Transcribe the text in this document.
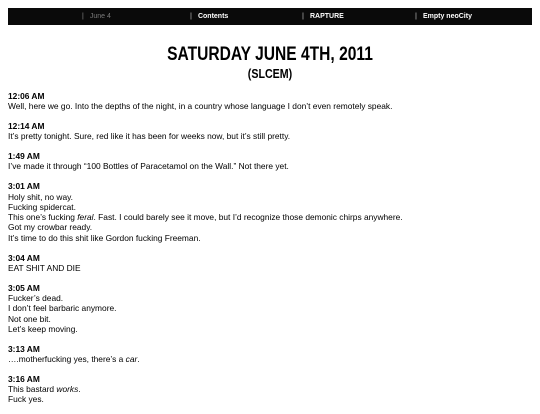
| June 4	| Contents	| RAPTURE	| Empty neoCity
SATURDAY JUNE 4TH, 2011
(SLCEM)
12:06 AM
Well, here we go. Into the depths of the night, in a country whose language I don’t even remotely speak.
12:14 AM
It’s pretty tonight. Sure, red like it has been for weeks now, but it’s still pretty.
1:49 AM
I’ve made it through “100 Bottles of Paracetamol on the Wall.” Not there yet.
3:01 AM
Holy shit, no way.
Fucking spidercat.
This one’s fucking feral. Fast. I could barely see it move, but I’d recognize those demonic chirps anywhere.
Got my crowbar ready.
It’s time to do this shit like Gordon fucking Freeman.
3:04 AM
EAT SHIT AND DIE
3:05 AM
Fucker’s dead.
I don’t feel barbaric anymore.
Not one bit.
Let’s keep moving.
3:13 AM
….motherfucking yes, there’s a car.
3:16 AM
This bastard works.
Fuck yes.
